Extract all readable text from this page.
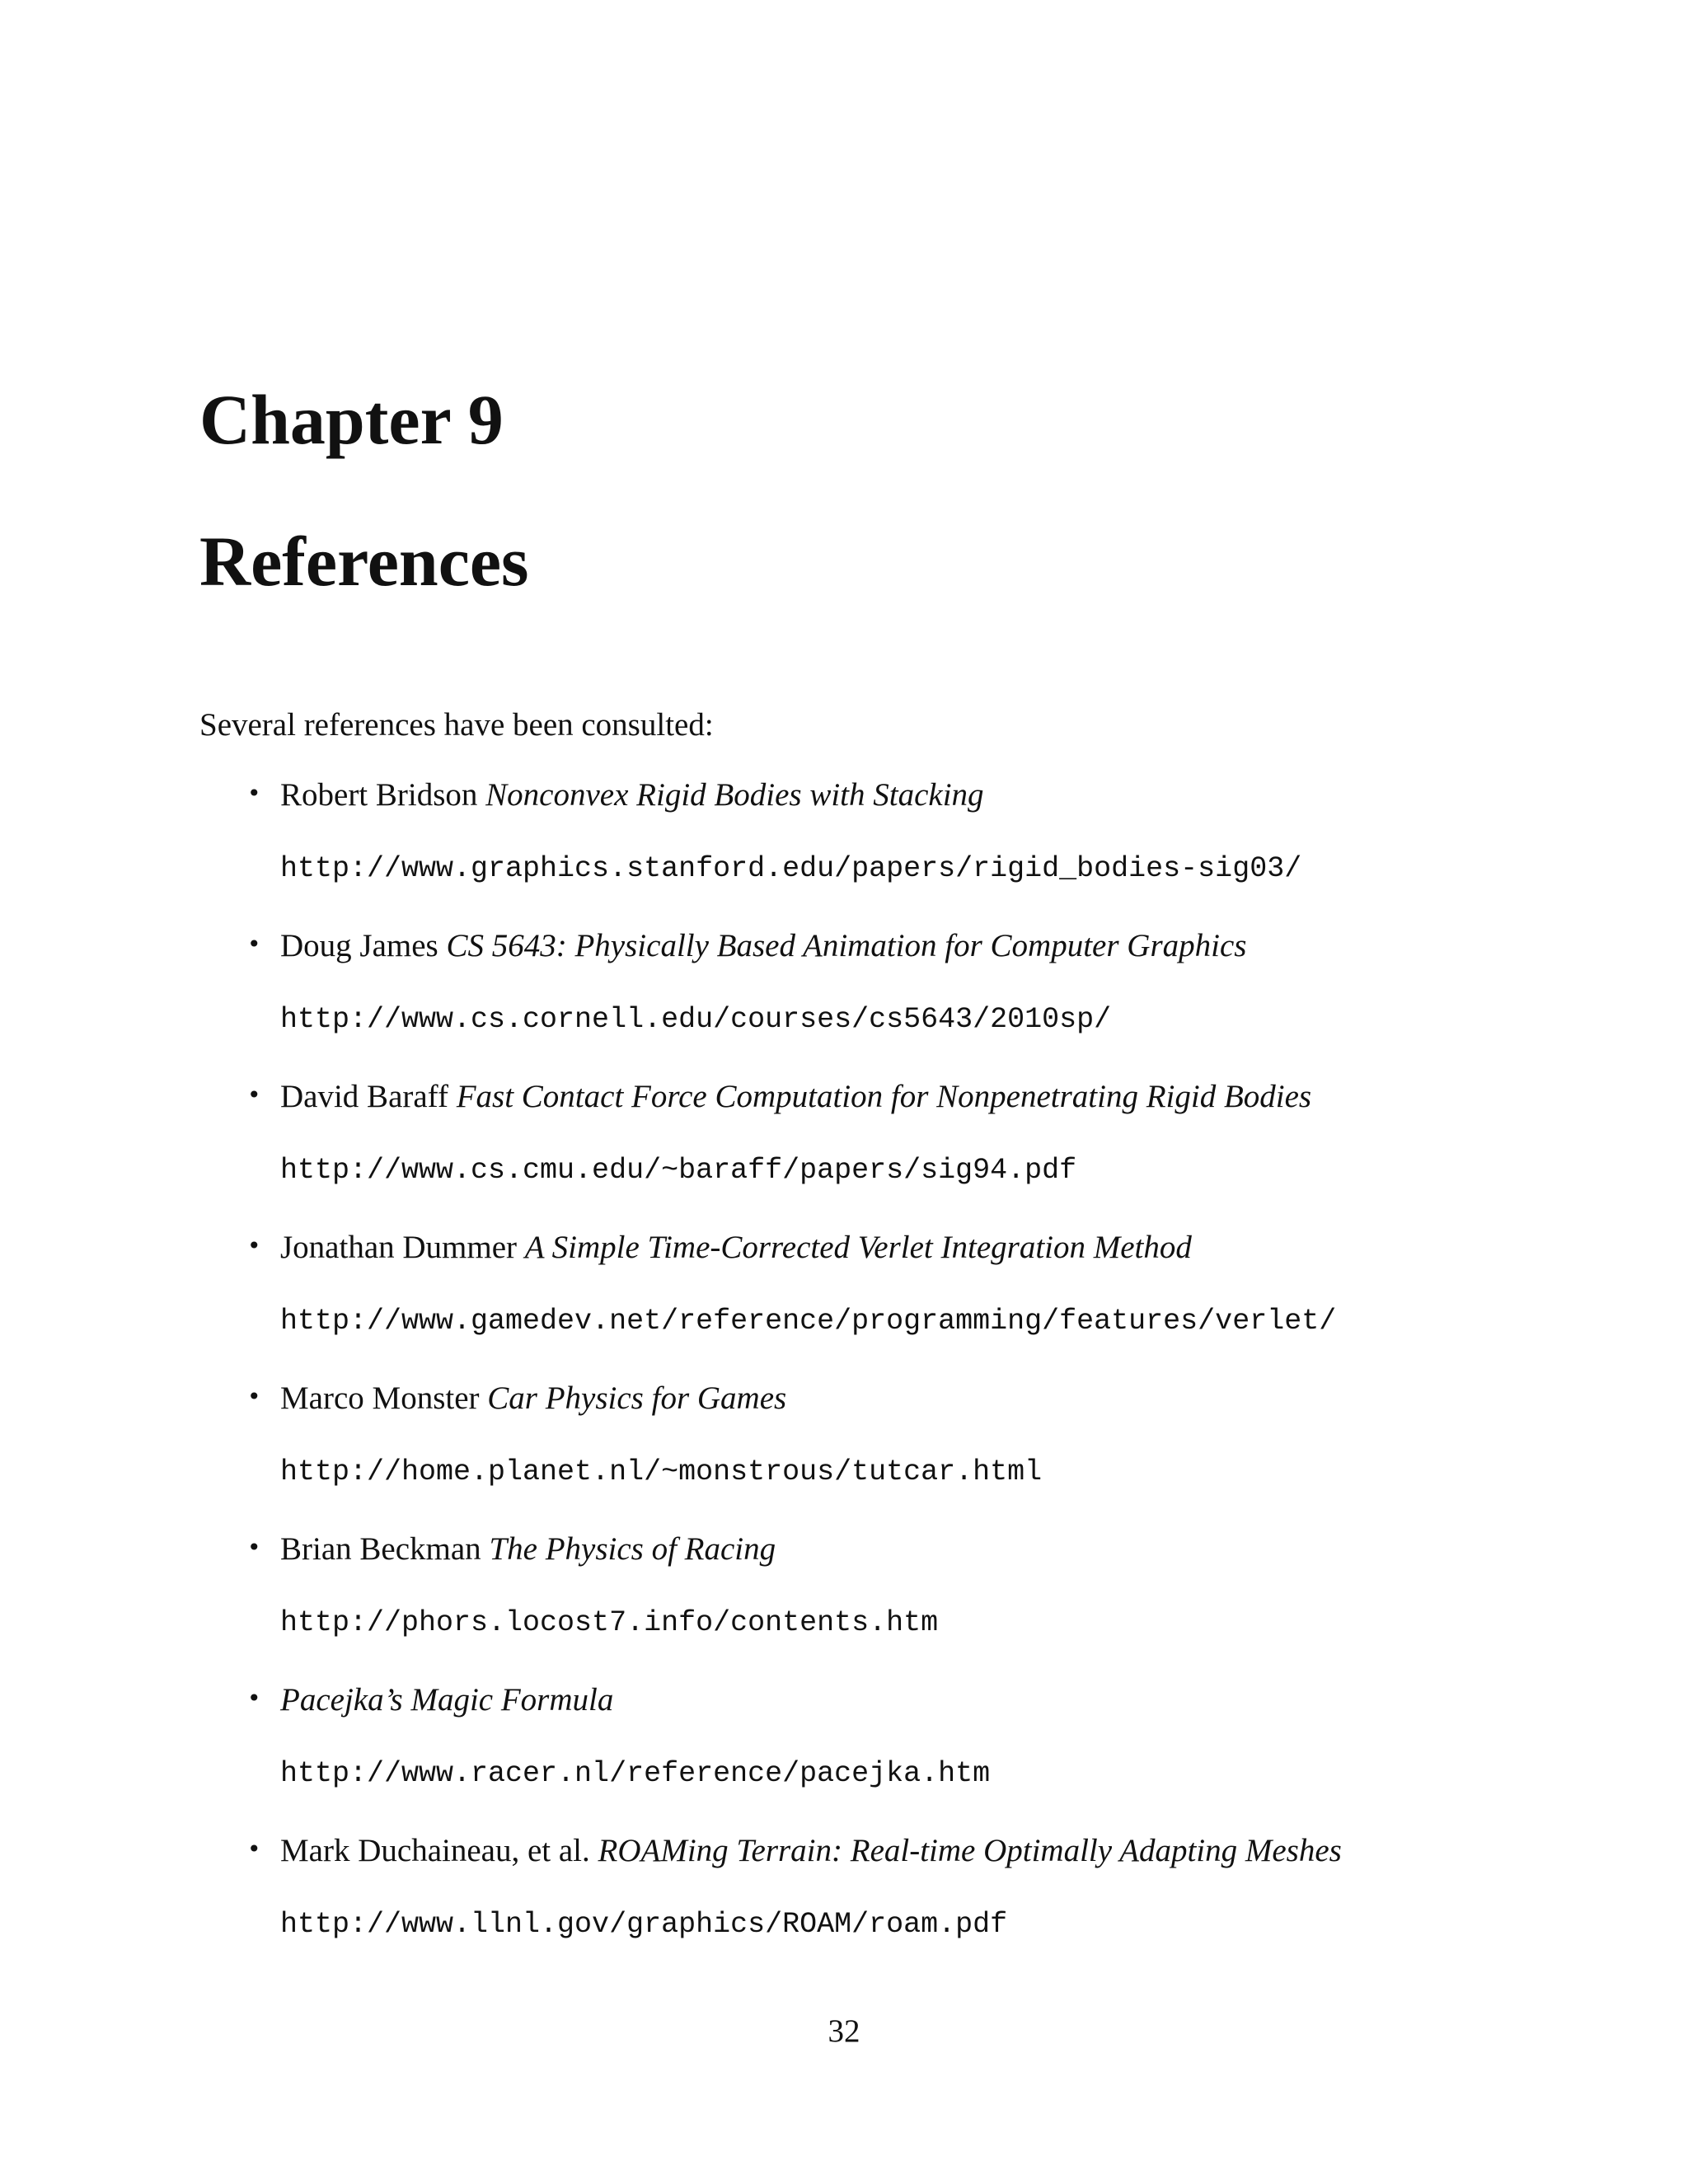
Chapter 9
References

Several references have been consulted:

• Robert Bridson Nonconvex Rigid Bodies with Stacking
http://www.graphics.stanford.edu/papers/rigid_bodies-sig03/
• Doug James CS 5643: Physically Based Animation for Computer Graphics
http://www.cs.cornell.edu/courses/cs5643/2010sp/
• David Baraff Fast Contact Force Computation for Nonpenetrating Rigid Bodies
http://www.cs.cmu.edu/~baraff/papers/sig94.pdf
• Jonathan Dummer A Simple Time-Corrected Verlet Integration Method
http://www.gamedev.net/reference/programming/features/verlet/
• Marco Monster Car Physics for Games
http://home.planet.nl/~monstrous/tutcar.html
• Brian Beckman The Physics of Racing
http://phors.locost7.info/contents.htm
• Pacejka’s Magic Formula
http://www.racer.nl/reference/pacejka.htm
• Mark Duchaineau, et al. ROAMing Terrain: Real-time Optimally Adapting Meshes
http://www.llnl.gov/graphics/ROAM/roam.pdf
32
